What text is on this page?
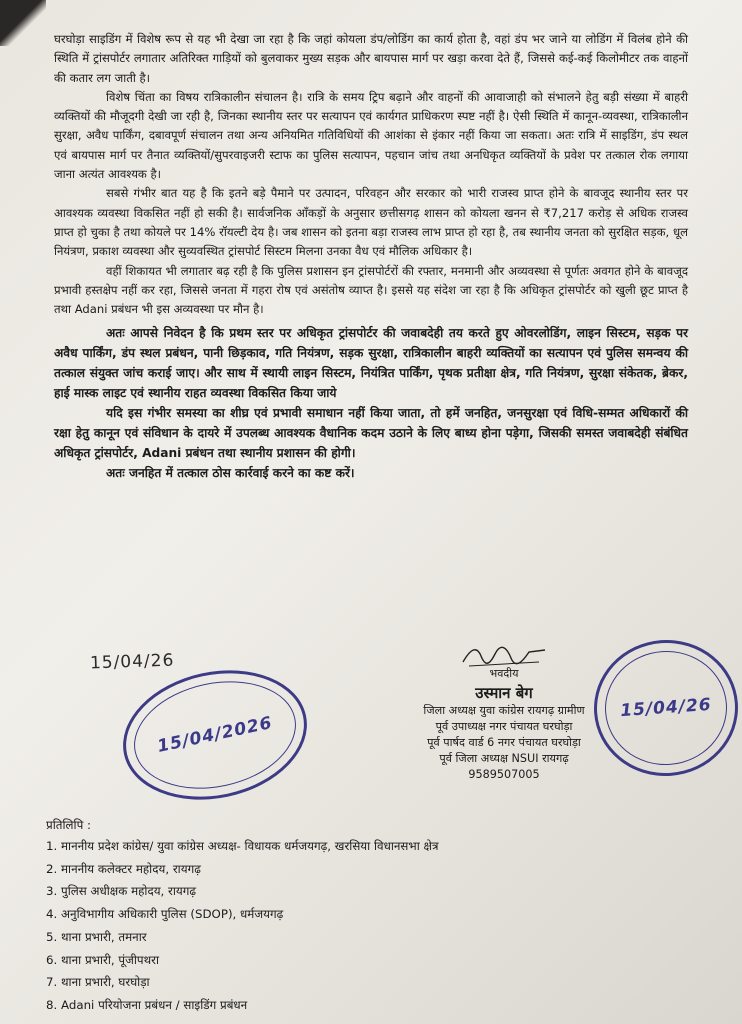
घरघोड़ा साइडिंग में विशेष रूप से यह भी देखा जा रहा है कि जहां कोयला डंप/लोडिंग का कार्य होता है, वहां डंप भर जाने या लोडिंग में विलंब होने की स्थिति में ट्रांसपोर्टर लगातार अतिरिक्त गाड़ियों को बुलवाकर मुख्य सड़क और बायपास मार्ग पर खड़ा करवा देते हैं, जिससे कई-कई किलोमीटर तक वाहनों की कतार लग जाती है।

विशेष चिंता का विषय रात्रिकालीन संचालन है। रात्रि के समय ट्रिप बढ़ाने और वाहनों की आवाजाही को संभालने हेतु बड़ी संख्या में बाहरी व्यक्तियों की मौजूदगी देखी जा रही है, जिनका स्थानीय स्तर पर सत्यापन एवं कार्यगत प्राधिकरण स्पष्ट नहीं है। ऐसी स्थिति में कानून-व्यवस्था, रात्रिकालीन सुरक्षा, अवैध पार्किंग, दबावपूर्ण संचालन तथा अन्य अनियमित गतिविधियों की आशंका से इंकार नहीं किया जा सकता। अतः रात्रि में साइडिंग, डंप स्थल एवं बायपास मार्ग पर तैनात व्यक्तियों/सुपरवाइजरी स्टाफ का पुलिस सत्यापन, पहचान जांच तथा अनधिकृत व्यक्तियों के प्रवेश पर तत्काल रोक लगाया जाना अत्यंत आवश्यक है।

सबसे गंभीर बात यह है कि इतने बड़े पैमाने पर उत्पादन, परिवहन और सरकार को भारी राजस्व प्राप्त होने के बावजूद स्थानीय स्तर पर आवश्यक व्यवस्था विकसित नहीं हो सकी है। सार्वजनिक आँकड़ों के अनुसार छत्तीसगढ़ शासन को कोयला खनन से ₹7,217 करोड़ से अधिक राजस्व प्राप्त हो चुका है तथा कोयले पर 14% रॉयल्टी देय है। जब शासन को इतना बड़ा राजस्व लाभ प्राप्त हो रहा है, तब स्थानीय जनता को सुरक्षित सड़क, धूल नियंत्रण, प्रकाश व्यवस्था और सुव्यवस्थित ट्रांसपोर्ट सिस्टम मिलना उनका वैध एवं मौलिक अधिकार है।

वहीं शिकायत भी लगातार बढ़ रही है कि पुलिस प्रशासन इन ट्रांसपोर्टरों की रफ्तार, मनमानी और अव्यवस्था से पूर्णतः अवगत होने के बावजूद प्रभावी हस्तक्षेप नहीं कर रहा, जिससे जनता में गहरा रोष एवं असंतोष व्याप्त है। इससे यह संदेश जा रहा है कि अधिकृत ट्रांसपोर्टर को खुली छूट प्राप्त है तथा Adani प्रबंधन भी इस अव्यवस्था पर मौन है।

अतः आपसे निवेदन है कि प्रथम स्तर पर अधिकृत ट्रांसपोर्टर की जवाबदेही तय करते हुए ओवरलोडिंग, लाइन सिस्टम, सड़क पर अवैध पार्किंग, डंप स्थल प्रबंधन, पानी छिड़काव, गति नियंत्रण, सड़क सुरक्षा, रात्रिकालीन बाहरी व्यक्तियों का सत्यापन एवं पुलिस समन्वय की तत्काल संयुक्त जांच कराई जाए। और साथ में स्थायी लाइन सिस्टम, नियंत्रित पार्किंग, पृथक प्रतीक्षा क्षेत्र, गति नियंत्रण, सुरक्षा संकेतक, ब्रेकर, हाई मास्क लाइट एवं स्थानीय राहत व्यवस्था विकसित किया जाये

यदि इस गंभीर समस्या का शीघ्र एवं प्रभावी समाधान नहीं किया जाता, तो हमें जनहित, जनसुरक्षा एवं विधि-सम्मत अधिकारों की रक्षा हेतु कानून एवं संविधान के दायरे में उपलब्ध आवश्यक वैधानिक कदम उठाने के लिए बाध्य होना पड़ेगा, जिसकी समस्त जवाबदेही संबंधित अधिकृत ट्रांसपोर्टर, Adani प्रबंधन तथा स्थानीय प्रशासन की होगी।

अतः जनहित में तत्काल ठोस कार्रवाई करने का कष्ट करें।

15/04/26
15/04/2026
भवदीय
उस्मान बेग
जिला अध्यक्ष युवा कांग्रेस रायगढ़ ग्रामीण
पूर्व उपाध्यक्ष नगर पंचायत घरघोड़ा
पूर्व पार्षद वार्ड 6 नगर पंचायत घरघोड़ा
पूर्व जिला अध्यक्ष NSUI रायगढ़
9589507005
15/04/26
प्रतिलिपि :
1. माननीय प्रदेश कांग्रेस/ युवा कांग्रेस अध्यक्ष- विधायक धर्मजयगढ़, खरसिया विधानसभा क्षेत्र
2. माननीय कलेक्टर महोदय, रायगढ़
3. पुलिस अधीक्षक महोदय, रायगढ़
4. अनुविभागीय अधिकारी पुलिस (SDOP), धर्मजयगढ़
5. थाना प्रभारी, तमनार
6. थाना प्रभारी, पूंजीपथरा
7. थाना प्रभारी, घरघोड़ा
8. Adani परियोजना प्रबंधन / साइडिंग प्रबंधन
